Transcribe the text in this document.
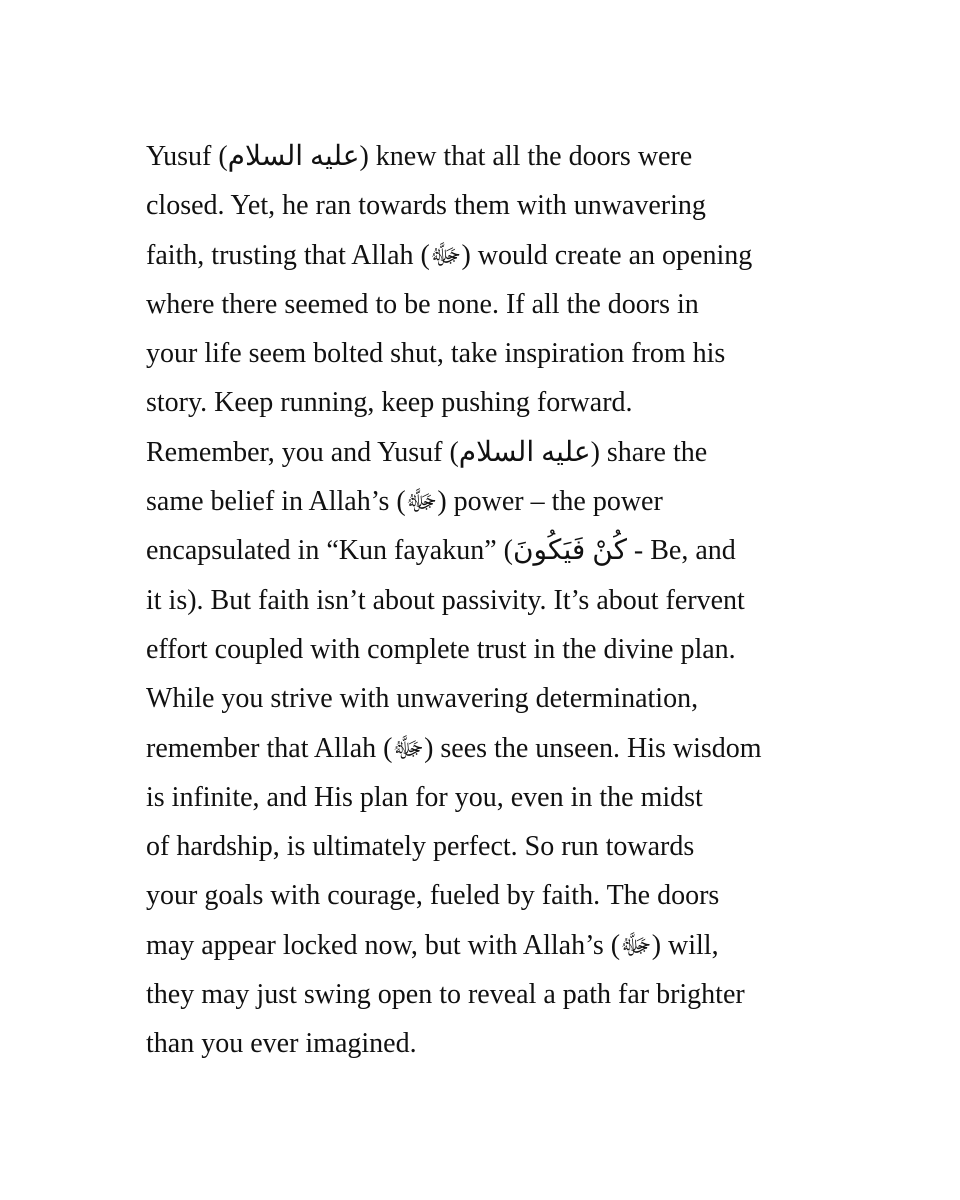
Yusuf (‫عليه السلام‬) knew that all the doors were
closed. Yet, he ran towards them with unwavering
faith, trusting that Allah (ﷻ) would create an opening
where there seemed to be none. If all the doors in
your life seem bolted shut, take inspiration from his
story. Keep running, keep pushing forward.
Remember, you and Yusuf (‫عليه السلام‬) share the
same belief in Allah’s (ﷻ) power – the power
encapsulated in “Kun fayakun” (‫كُنْ فَيَكُونَ‬ - Be, and
it is). But faith isn’t about passivity. It’s about fervent
effort coupled with complete trust in the divine plan.
While you strive with unwavering determination,
remember that Allah (ﷻ) sees the unseen. His wisdom
is infinite, and His plan for you, even in the midst
of hardship, is ultimately perfect. So run towards
your goals with courage, fueled by faith. The doors
may appear locked now, but with Allah’s (ﷻ) will,
they may just swing open to reveal a path far brighter
than you ever imagined.
